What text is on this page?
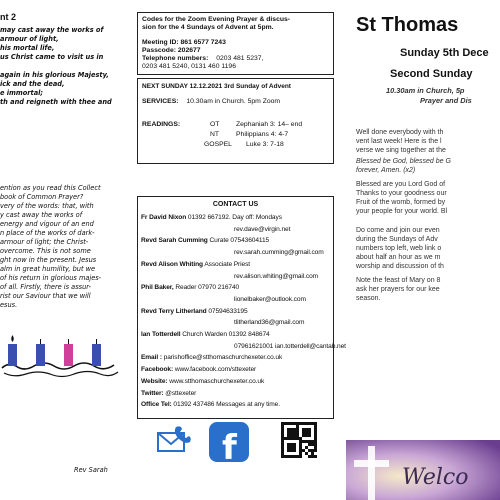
nt 2
may cast away the works of
armour of light,
his mortal life,
us Christ came to visit us in
again in his glorious Majesty,
ick and the dead,
e immortal;
th and reigneth with thee and
ention as you read this Collect
book of Common Prayer?
very of the words: that, with
y cast away the works of
energy and vigour of an end
n place of the works of dark-
armour of light; the Christ-
overcome. This is not some
ght now in the present. Jesus
alm in great humility, but we
of his return in glorious majes-
of all. Firstly, there is assur-
rist our Saviour that we will
esus.
Rev Sarah
Codes for the Zoom Evening Prayer & discus-
sion for the 4 Sundays of Advent at 5pm.
Meeting ID: 861 6577 7243
Passcode: 202677
Telephone numbers: 0203 481 5237,
0203 481 5240, 0131 460 1196
NEXT SUNDAY 12.12.2021 3rd Sunday of Advent
SERVICES: 10.30am in Church. 5pm Zoom
READINGS:	OT Zephaniah 3: 14– end
NT Philippians 4: 4-7
GOSPEL Luke 3: 7-18
CONTACT US
Fr David Nixon 01392 667192. Day off: Mondays
rev.dave@virgin.net
Revd Sarah Cumming Curate 07543604115
rev.sarah.cumming@gmail.com
Revd Alison Whiting Associate Priest
rev.alison.whiting@gmail.com
Phil Baker, Reader 07970 216740
lionelbaker@outlook.com
Revd Terry Litherland 07594633195
tlitherland36@gmail.com
Ian Totterdell Church Warden 01392 848674
07961621001 ian.totterdell@cantab.net
Email : parishoffice@stthomaschurchexeter.co.uk
Facebook: www.facebook.com/sttexeter
Website: www.stthomaschurchexeter.co.uk
Twitter: @sttexeter
Office Tel: 01392 437486 Messages at any time.
f
St Thomas
Sunday 5th Dece
Second Sunday
10.30am in Church, 5p
Prayer and Dis
Well done everybody with th
vent last week! Here is the l
verse we sing together at the
Blessed be God, blessed be G
forever, Amen. (x2)
Blessed are you Lord God of
Thanks to your goodness our
Fruit of the womb, formed by
your people for your world. Bl
Do come and join our even
during the Sundays of Adv
numbers top left, web link o
about half an hour as we m
worship and discussion of th
Note the feast of Mary on 8
ask her prayers for our kee
season.
Welco
